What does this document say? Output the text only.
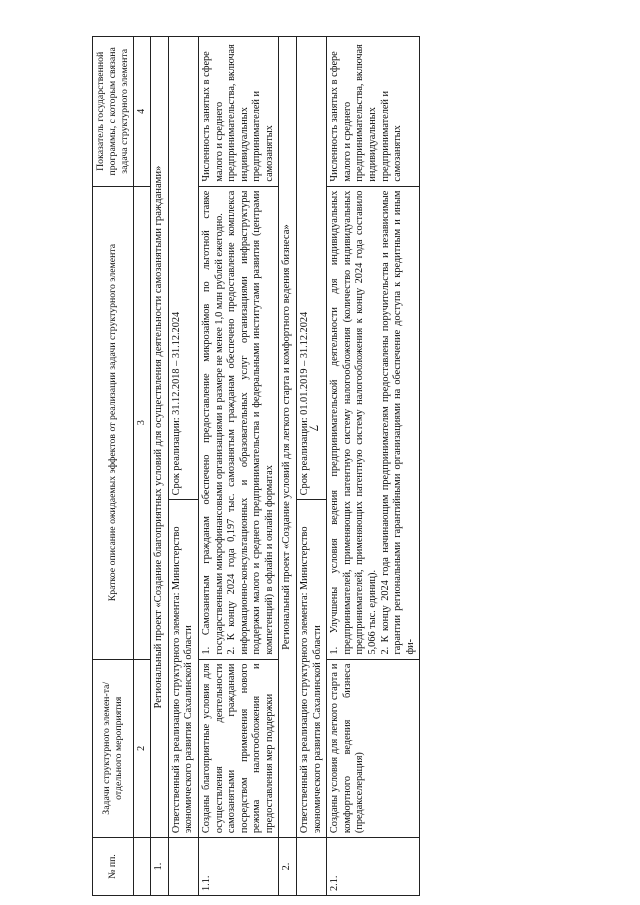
7
№ пп.	Задачи структурного элемен-тa/отдельного мероприятия	Краткое описание ожидаемых эффектов от реализации задачи структурного элемента		Показатель государственной программы, с которым связана задача структурного элемента
	2	3		4
1.	Региональный проект «Создание благоприятных условий для осуществления деятельности самозанятыми гражданами»			
	Ответственный за реализацию структурного элемента: Министерство экономического развития Сахалинской области		Срок реализации: 31.12.2018 – 31.12.2024	
1.1.	Созданы благоприятные условия для осуществления деятельности самозанятыми гражданами посредством применения нового режима налогообложения и предоставления мер поддержки	1. Самозанятым гражданам обеспечено предоставление микрозаймов по льготной ставке государственными микрофинансовыми организациями в размере не менее 1,0 млн рублей ежегодно. 2. К концу 2024 года 0,197 тыс. самозанятым гражданам обеспечено предоставление комплекса информационно-консультационных и образовательных услуг организациями инфраструктуры поддержки малого и среднего предпринимательства и федеральными институтами развития (центрами компетенций) в офлайн и онлайн форматах		Численность занятых в сфере малого и среднего предпринимательства, включая индивидуальных предпринимателей и самозанятых
2.	Региональный проект «Создание условий для легкого старта и комфортного ведения бизнеса»			
	Ответственный за реализацию структурного элемента: Министерство экономического развития Сахалинской области		Срок реализации: 01.01.2019 – 31.12.2024	
2.1.	Созданы условия для легкого старта и комфортного ведения бизнеса (предакселерация)	1. Улучшены условия ведения предпринимательской деятельности для индивидуальных предпринимателей, применяющих патентную систему налогообложения (количество индивидуальных предпринимателей, применяющих патентную систему налогообложения к концу 2024 года составило 5,066 тыс. единиц). 2. К концу 2024 года начинающим предпринимателям предоставлены поручительства и независимые гарантии региональными гарантийными организациями на обеспечение доступа к кредитным и иным фи-		Численность занятых в сфере малого и среднего предпринимательства, включая индивидуальных предпринимателей и самозанятых
